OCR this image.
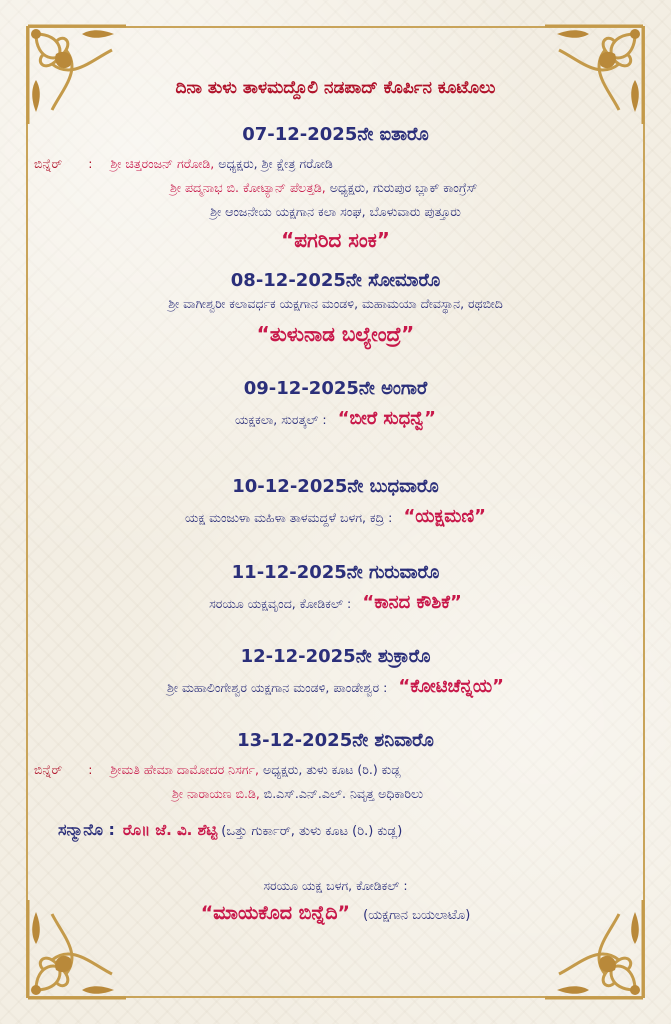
ದಿನಾ ತುಳು ತಾಳಮದ್ದೊಲಿ ನಡಪಾದ್ ಕೊರ್ಪಿನ ಕೂಟೊಲು
07-12-2025ನೇ ಐತಾರೊ
ಬಿನ್ನೆರ್ : ಶ್ರೀ ಚಿತ್ತರಂಜನ್ ಗರೋಡಿ, ಅಧ್ಯಕ್ಷರು, ಶ್ರೀ ಕ್ಷೇತ್ರ ಗರೋಡಿ
ಶ್ರೀ ಪದ್ಮನಾಭ ಬಿ. ಕೋಟ್ಯಾನ್ ಪೆಲತ್ತಡಿ, ಅಧ್ಯಕ್ಷರು, ಗುರುಪುರ ಬ್ಲಾಕ್ ಕಾಂಗ್ರೆಸ್
ಶ್ರೀ ಆಂಜನೇಯ ಯಕ್ಷಗಾನ ಕಲಾ ಸಂಘ, ಬೊಳುವಾರು ಪುತ್ತೂರು
“ಪಗರಿದ ಸಂಕ”
08-12-2025ನೇ ಸೋಮಾರೊ
ಶ್ರೀ ವಾಗೀಶ್ವರೀ ಕಲಾವರ್ಧಕ ಯಕ್ಷಗಾನ ಮಂಡಳಿ, ಮಹಾಮಯಾ ದೇವಸ್ಥಾನ, ರಥಬೀದಿ
“ತುಳುನಾಡ ಬಲ್ಯೇಂದ್ರೆ”
09-12-2025ನೇ ಅಂಗಾರೆ
ಯಕ್ಷಕಲಾ, ಸುರತ್ಕಲ್ : “ಬೀರೆ ಸುಧನ್ವೆ”
10-12-2025ನೇ ಬುಧವಾರೊ
ಯಕ್ಷ ಮಂಜುಳಾ ಮಹಿಳಾ ತಾಳಮದ್ದಳೆ ಬಳಗ, ಕದ್ರಿ : “ಯಕ್ಷಮಣಿ”
11-12-2025ನೇ ಗುರುವಾರೊ
ಸರಯೂ ಯಕ್ಷವೃಂದ, ಕೋಡಿಕಲ್ : “ಕಾನದ ಕೌಶಿಕೆ”
12-12-2025ನೇ ಶುಕ್ರಾರೊ
ಶ್ರೀ ಮಹಾಲಿಂಗೇಶ್ವರ ಯಕ್ಷಗಾನ ಮಂಡಳಿ, ಪಾಂಡೇಶ್ವರ : “ಕೋಟಿಚೆನ್ನಯ”
13-12-2025ನೇ ಶನಿವಾರೊ
ಬಿನ್ನೆರ್ : ಶ್ರೀಮತಿ ಹೇಮಾ ದಾಮೋದರ ನಿಸರ್ಗ, ಅಧ್ಯಕ್ಷರು, ತುಳು ಕೂಟ (ರಿ.) ಕುಡ್ಲ
ಶ್ರೀ ನಾರಾಯಣ ಬಿ.ಡಿ, ಬಿ.ಎಸ್.ಎನ್.ಎಲ್. ನಿವೃತ್ತ ಅಧಿಕಾರಿಲು
ಸನ್ಮಾನೊ : ರೊ॥ ಜೆ. ವಿ. ಶೆಟ್ಟಿ (ಒತ್ತು ಗುರ್ಕಾರ್, ತುಳು ಕೂಟ (ರಿ.) ಕುಡ್ಲ)
ಸರಯೂ ಯಕ್ಷ ಬಳಗ, ಕೋಡಿಕಲ್ :
“ಮಾಯಕೊದ ಬಿನ್ನೆದಿ” (ಯಕ್ಷಗಾನ ಬಯಲಾಟೊ)
